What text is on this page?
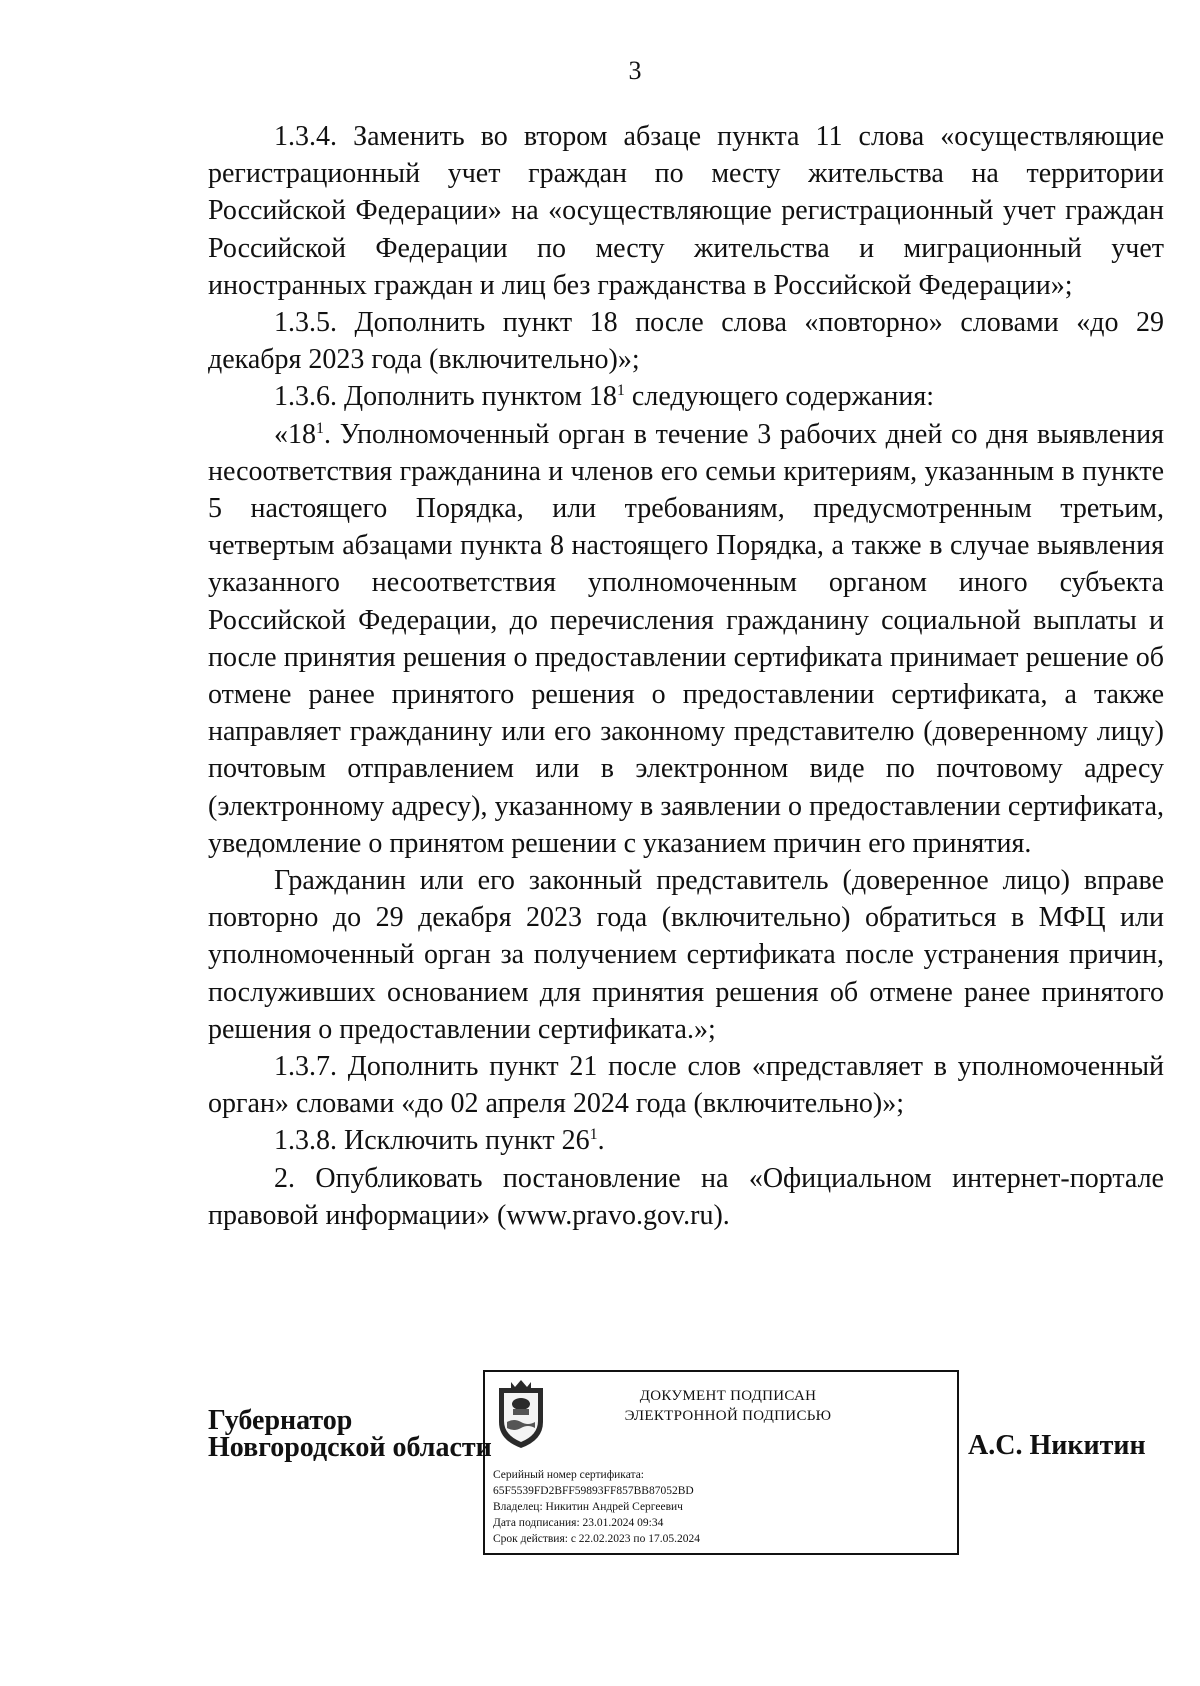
3

1.3.4. Заменить во втором абзаце пункта 11 слова «осуществляющие регистрационный учет граждан по месту жительства на территории Российской Федерации» на «осуществляющие регистрационный учет граждан Российской Федерации по месту жительства и миграционный учет иностранных граждан и лиц без гражданства в Российской Федерации»;

1.3.5. Дополнить пункт 18 после слова «повторно» словами «до 29 декабря 2023 года (включительно)»;

1.3.6. Дополнить пунктом $18^1$ следующего содержания:

«$18^1$. Уполномоченный орган в течение 3 рабочих дней со дня выявления несоответствия гражданина и членов его семьи критериям, указанным в пункте 5 настоящего Порядка, или требованиям, предусмотренным третьим, четвертым абзацами пункта 8 настоящего Порядка, а также в случае выявления указанного несоответствия уполномоченным органом иного субъекта Российской Федерации, до перечисления гражданину социальной выплаты и после принятия решения о предоставлении сертификата принимает решение об отмене ранее принятого решения о предоставлении сертификата, а также направляет гражданину или его законному представителю (доверенному лицу) почтовым отправлением или в электронном виде по почтовому адресу (электронному адресу), указанному в заявлении о предоставлении сертификата, уведомление о принятом решении с указанием причин его принятия.

Гражданин или его законный представитель (доверенное лицо) вправе повторно до 29 декабря 2023 года (включительно) обратиться в МФЦ или уполномоченный орган за получением сертификата после устранения причин, послуживших основанием для принятия решения об отмене ранее принятого решения о предоставлении сертификата.»;

1.3.7. Дополнить пункт 21 после слов «представляет в уполномоченный орган» словами «до 02 апреля 2024 года (включительно)»;

1.3.8. Исключить пункт $26^1$.

2. Опубликовать постановление на «Официальном интернет-портале правовой информации» (www.pravo.gov.ru).

Губернатор
Новгородской области
ДОКУМЕНТ ПОДПИСАН
ЭЛЕКТРОННОЙ ПОДПИСЬЮ
Серийный номер сертификата:
65F5539FD2BFF59893FF857BB87052BD
Владелец: Никитин Андрей Сергеевич
Дата подписания: 23.01.2024 09:34
Срок действия: с 22.02.2023 по 17.05.2024
А.С. Никитин
